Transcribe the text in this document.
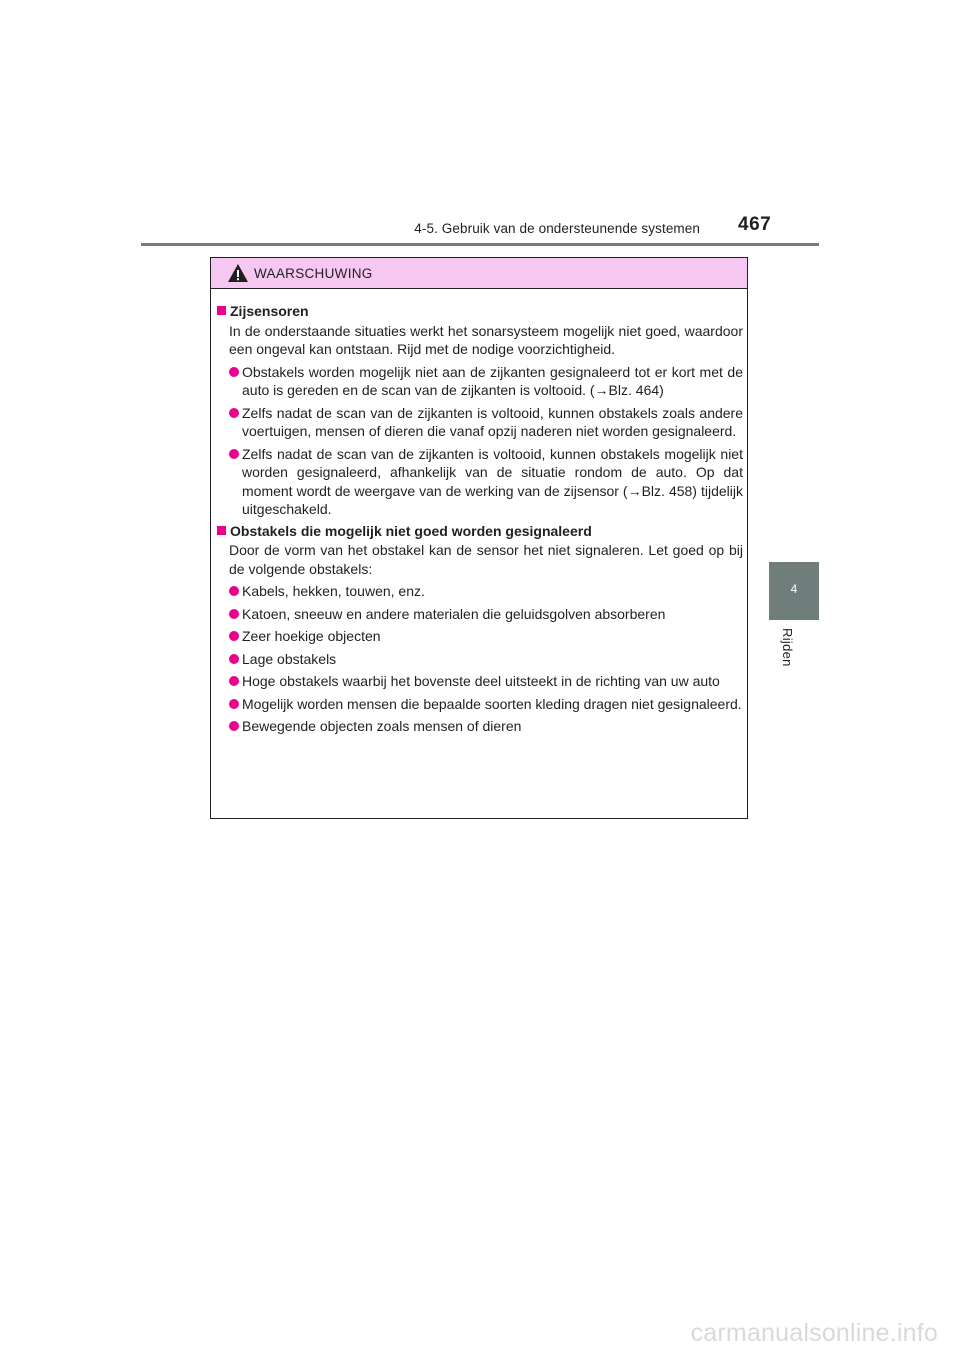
4-5. Gebruik van de ondersteunende systemen 467
4
Rijden
WAARSCHUWING
Zijsensoren
In de onderstaande situaties werkt het sonarsysteem mogelijk niet goed, waardoor een ongeval kan ontstaan. Rijd met de nodige voorzichtigheid.
Obstakels worden mogelijk niet aan de zijkanten gesignaleerd tot er kort met de auto is gereden en de scan van de zijkanten is voltooid. (→Blz. 464)
Zelfs nadat de scan van de zijkanten is voltooid, kunnen obstakels zoals andere voertuigen, mensen of dieren die vanaf opzij naderen niet worden gesignaleerd.
Zelfs nadat de scan van de zijkanten is voltooid, kunnen obstakels mogelijk niet worden gesignaleerd, afhankelijk van de situatie rondom de auto. Op dat moment wordt de weergave van de werking van de zijsensor (→Blz. 458) tijdelijk uitgeschakeld.
Obstakels die mogelijk niet goed worden gesignaleerd
Door de vorm van het obstakel kan de sensor het niet signaleren. Let goed op bij de volgende obstakels:
Kabels, hekken, touwen, enz.
Katoen, sneeuw en andere materialen die geluidsgolven absorberen
Zeer hoekige objecten
Lage obstakels
Hoge obstakels waarbij het bovenste deel uitsteekt in de richting van uw auto
Mogelijk worden mensen die bepaalde soorten kleding dragen niet gesignaleerd.
Bewegende objecten zoals mensen of dieren
carmanualsonline.info
